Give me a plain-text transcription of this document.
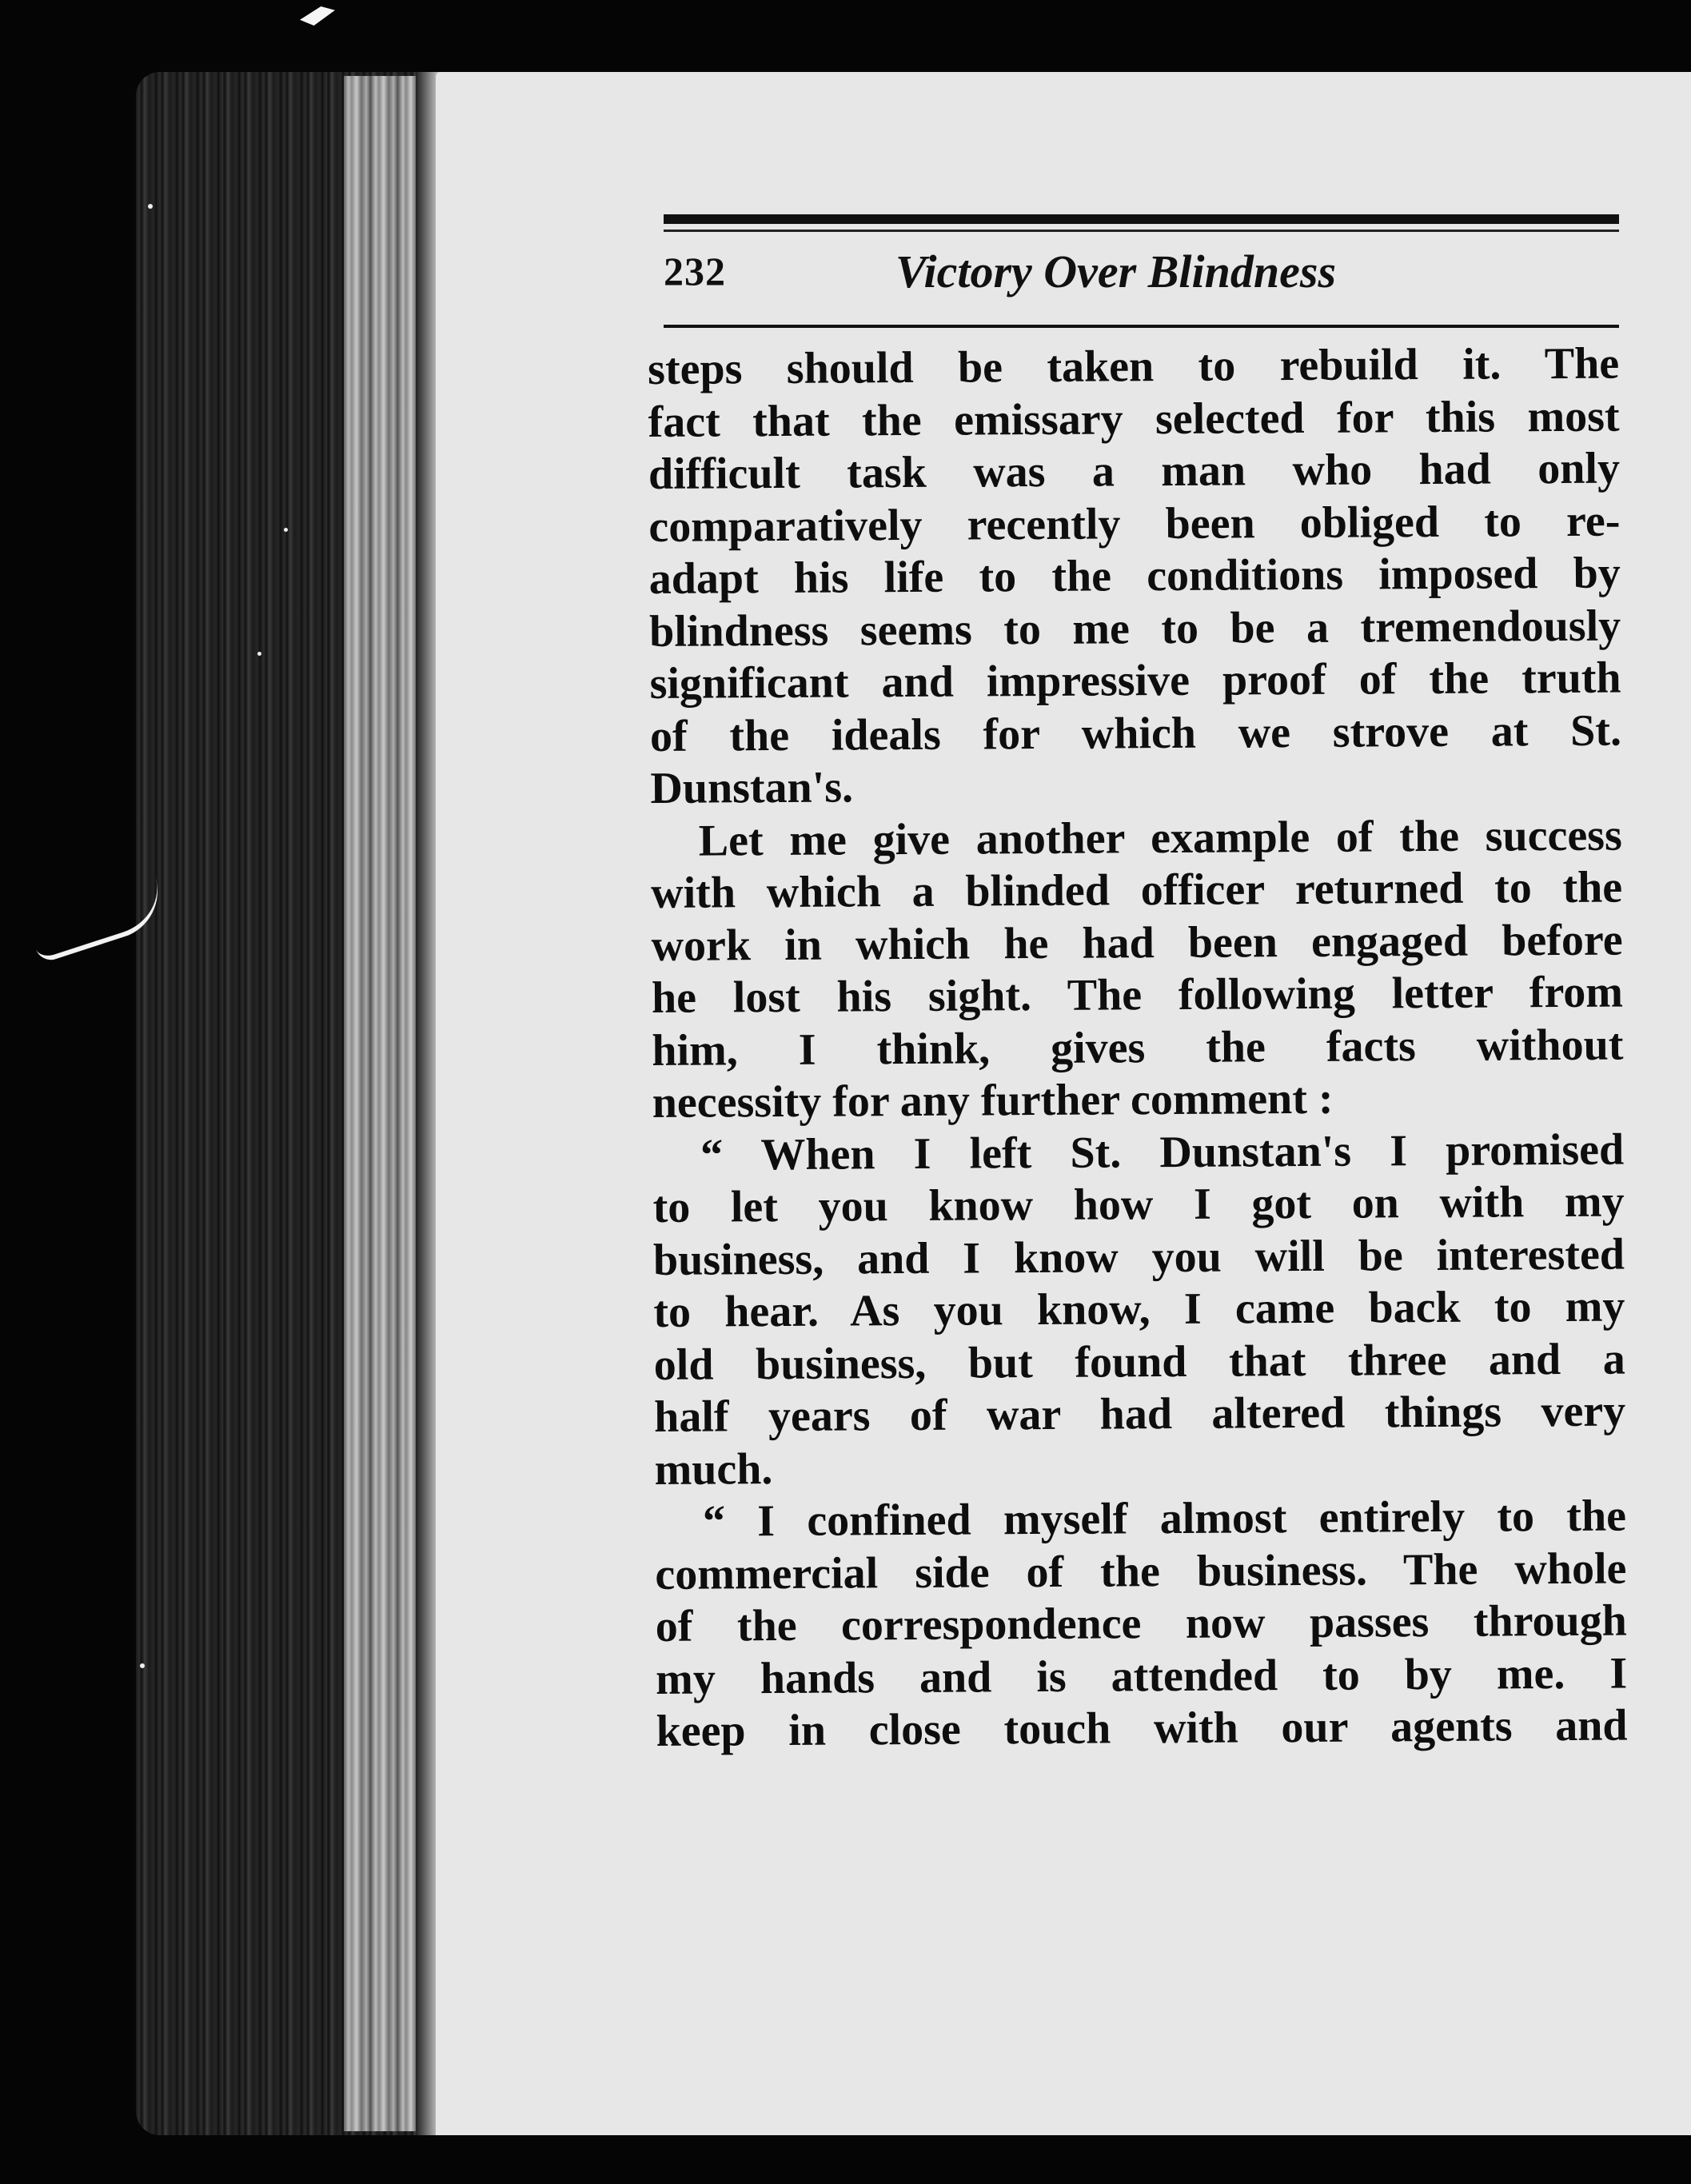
232	Victory Over Blindness
steps should be taken to rebuild it. The
fact that the emissary selected for this most
difficult task was a man who had only
comparatively recently been obliged to re-
adapt his life to the conditions imposed by
blindness seems to me to be a tremendously
significant and impressive proof of the truth
of the ideals for which we strove at St.
Dunstan's.
Let me give another example of the success
with which a blinded officer returned to the
work in which he had been engaged before
he lost his sight. The following letter from
him, I think, gives the facts without
necessity for any further comment :
“ When I left St. Dunstan's I promised
to let you know how I got on with my
business, and I know you will be interested
to hear. As you know, I came back to my
old business, but found that three and a
half years of war had altered things very
much.
“ I confined myself almost entirely to the
commercial side of the business. The whole
of the correspondence now passes through
my hands and is attended to by me. I
keep in close touch with our agents and
